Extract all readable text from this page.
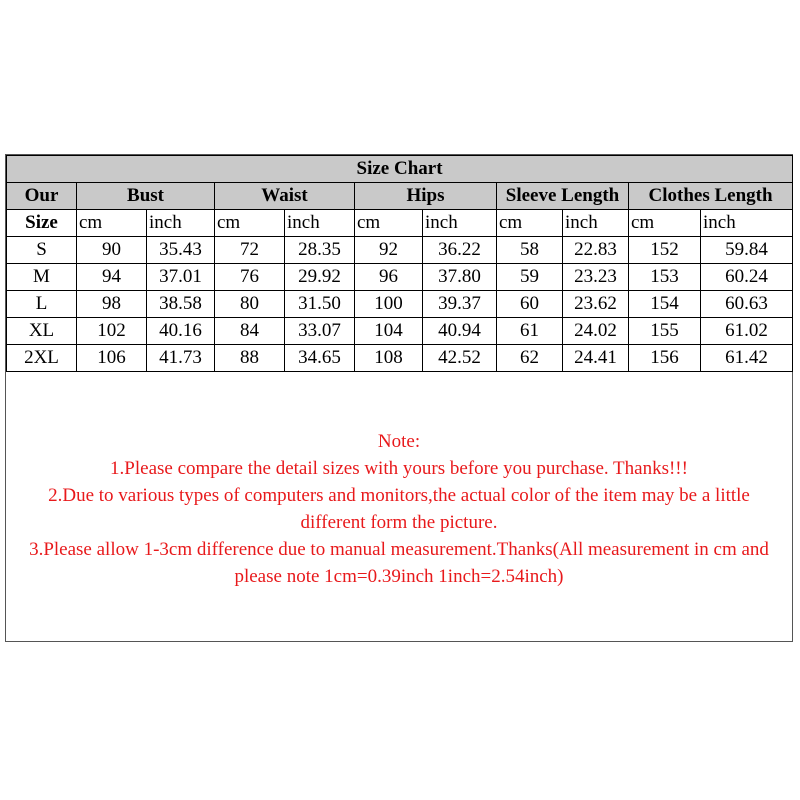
Size Chart										
Our	Bust		Waist		Hips		Sleeve Length		Clothes Length	
Size	cm	inch	cm	inch	cm	inch	cm	inch	cm	inch
S	90	35.43	72	28.35	92	36.22	58	22.83	152	59.84
M	94	37.01	76	29.92	96	37.80	59	23.23	153	60.24
L	98	38.58	80	31.50	100	39.37	60	23.62	154	60.63
XL	102	40.16	84	33.07	104	40.94	61	24.02	155	61.02
2XL	106	41.73	88	34.65	108	42.52	62	24.41	156	61.42
Note:
1.Please compare the detail sizes with yours before you purchase. Thanks!!!
2.Due to various types of computers and monitors,the actual color of the item may be a little
different form the picture.
3.Please allow 1-3cm difference due to manual measurement.Thanks(All measurement in cm and
please note 1cm=0.39inch 1inch=2.54inch)
